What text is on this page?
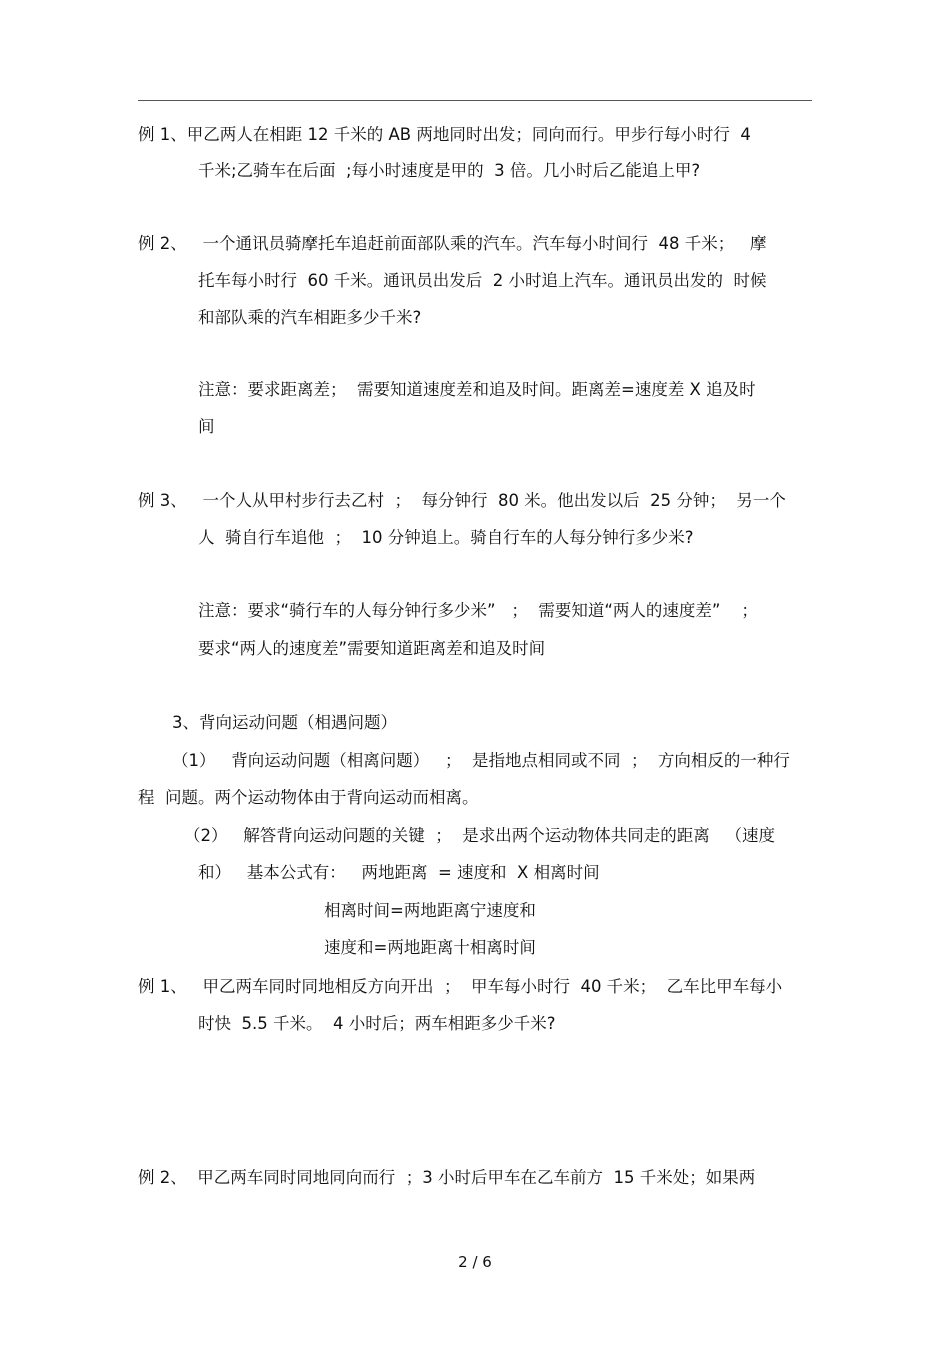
例 1、甲乙两人在相距 12 千米的 AB 两地同时出发；同向而行。甲步行每小时行  4
千米;乙骑车在后面  ;每小时速度是甲的  3 倍。几小时后乙能追上甲?
例 2、   一个通讯员骑摩托车追赶前面部队乘的汽车。汽车每小时间行  48 千米；   摩
托车每小时行  60 千米。通讯员出发后  2 小时追上汽车。通讯员出发的  时候
和部队乘的汽车相距多少千米?
注意：要求距离差；  需要知道速度差和追及时间。距离差=速度差 X 追及时
间
例 3、   一个人从甲村步行去乙村  ；  每分钟行  80 米。他出发以后  25 分钟；  另一个
人  骑自行车追他  ；  10 分钟追上。骑自行车的人每分钟行多少米?
注意：要求“骑行车的人每分钟行多少米”   ；  需要知道“两人的速度差”    ；
要求“两人的速度差”需要知道距离差和追及时间
3、背向运动问题（相遇问题）
（1）   背向运动问题（相离问题）   ；  是指地点相同或不同  ；  方向相反的一种行
程  问题。两个运动物体由于背向运动而相离。
（2）   解答背向运动问题的关键  ；  是求出两个运动物体共同走的距离   （速度
和）   基本公式有：   两地距离  = 速度和  X 相离时间
相离时间=两地距离宁速度和
速度和=两地距离十相离时间
例 1、   甲乙两车同时同地相反方向开出  ；  甲车每小时行  40 千米；  乙车比甲车每小
时快  5.5 千米。  4 小时后；两车相距多少千米?
例 2、  甲乙两车同时同地同向而行  ；3 小时后甲车在乙车前方  15 千米处；如果两
2 / 6
